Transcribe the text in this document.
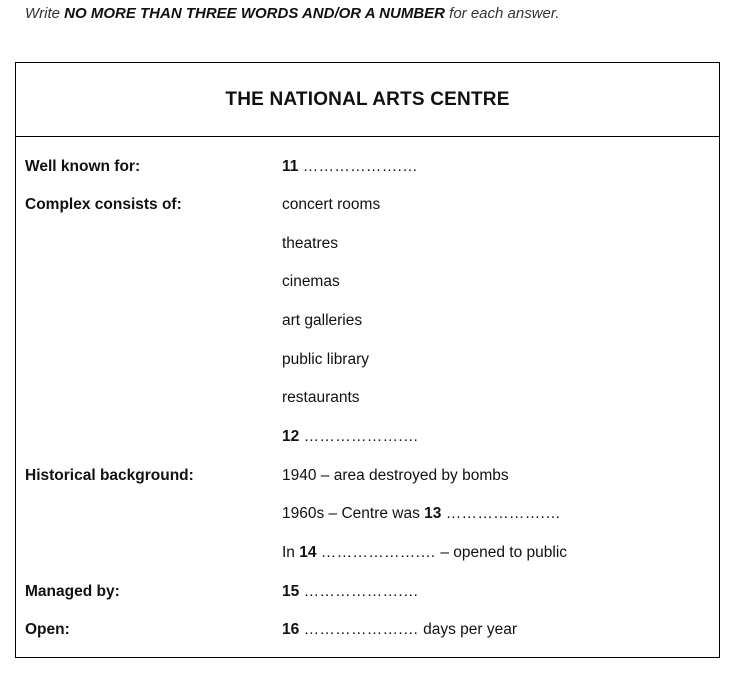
Write NO MORE THAN THREE WORDS AND/OR A NUMBER for each answer.
THE NATIONAL ARTS CENTRE
Well known for:	11 ……………….…
Complex consists of:	concert rooms
theatres
cinemas
art galleries
public library
restaurants
12 ……………….…
Historical background:	1940 – area destroyed by bombs
1960s – Centre was 13 ……………….…
In 14 ……………….… – opened to public
Managed by:	15 ……………….…
Open:	16 ……………….… days per year
